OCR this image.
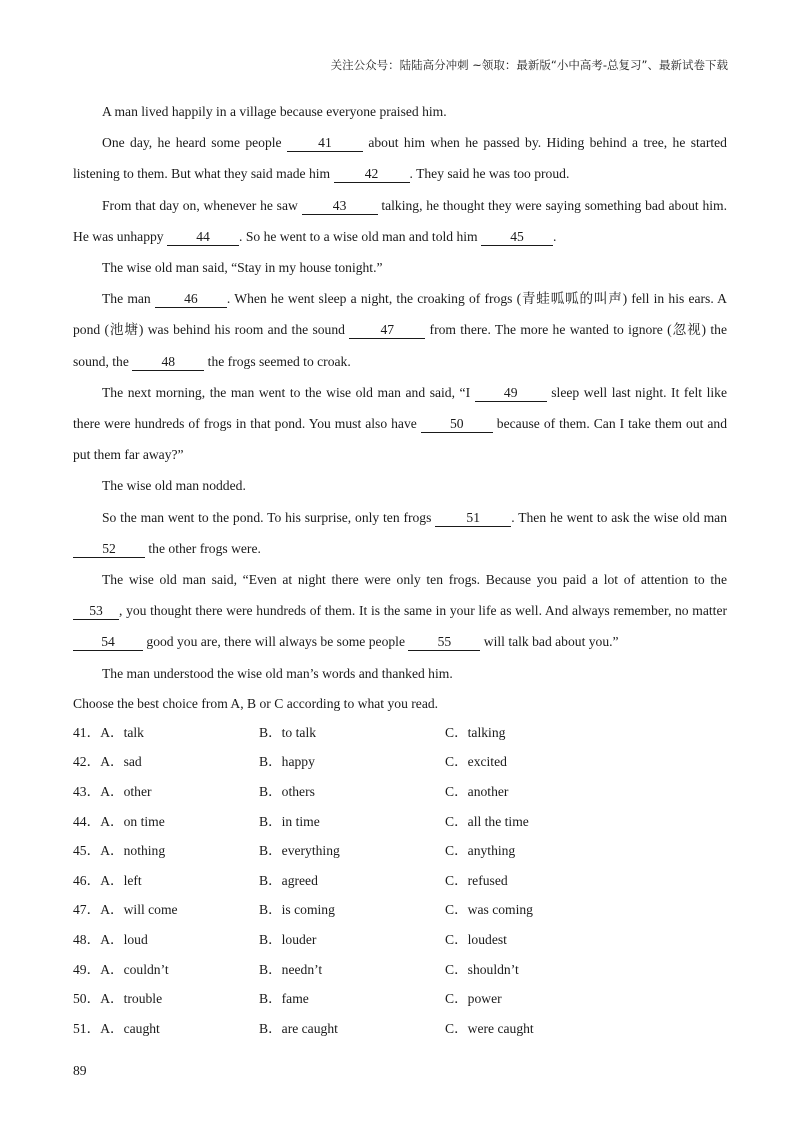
关注公众号：陆陆高分冲刺 ~领取：最新版“小中高考-总复习”、最新试卷下载

A man lived happily in a village because everyone praised him.

One day, he heard some people 41 about him when he passed by. Hiding behind a tree, he started listening to them. But what they said made him 42 . They said he was too proud.

From that day on, whenever he saw 43 talking, he thought they were saying something bad about him. He was unhappy 44 . So he went to a wise old man and told him 45 .

The wise old man said, “Stay in my house tonight.”

The man 46 . When he went sleep a night, the croaking of frogs (青蛙呱呱的叫声) fell in his ears. A pond (池塘) was behind his room and the sound 47 from there. The more he wanted to ignore (忽视) the sound, the 48 the frogs seemed to croak.

The next morning, the man went to the wise old man and said, “I 49 sleep well last night. It felt like there were hundreds of frogs in that pond. You must also have 50 because of them. Can I take them out and put them far away?”

The wise old man nodded.

So the man went to the pond. To his surprise, only ten frogs 51 . Then he went to ask the wise old man 52 the other frogs were.

The wise old man said, “Even at night there were only ten frogs. Because you paid a lot of attention to the 53 , you thought there were hundreds of them. It is the same in your life as well. And always remember, no matter 54 good you are, there will always be some people 55 will talk bad about you.”

The man understood the wise old man’s words and thanked him.

Choose the best choice from A, B or C according to what you read.

41．A．talk	B．to talk	C．talking
42．A．sad	B．happy	C．excited
43．A．other	B．others	C．another
44．A．on time	B．in time	C．all the time
45．A．nothing	B．everything	C．anything
46．A．left	B．agreed	C．refused
47．A．will come	B．is coming	C．was coming
48．A．loud	B．louder	C．loudest
49．A．couldn’t	B．needn’t	C．shouldn’t
50．A．trouble	B．fame	C．power
51．A．caught	B．are caught	C．were caught
89
